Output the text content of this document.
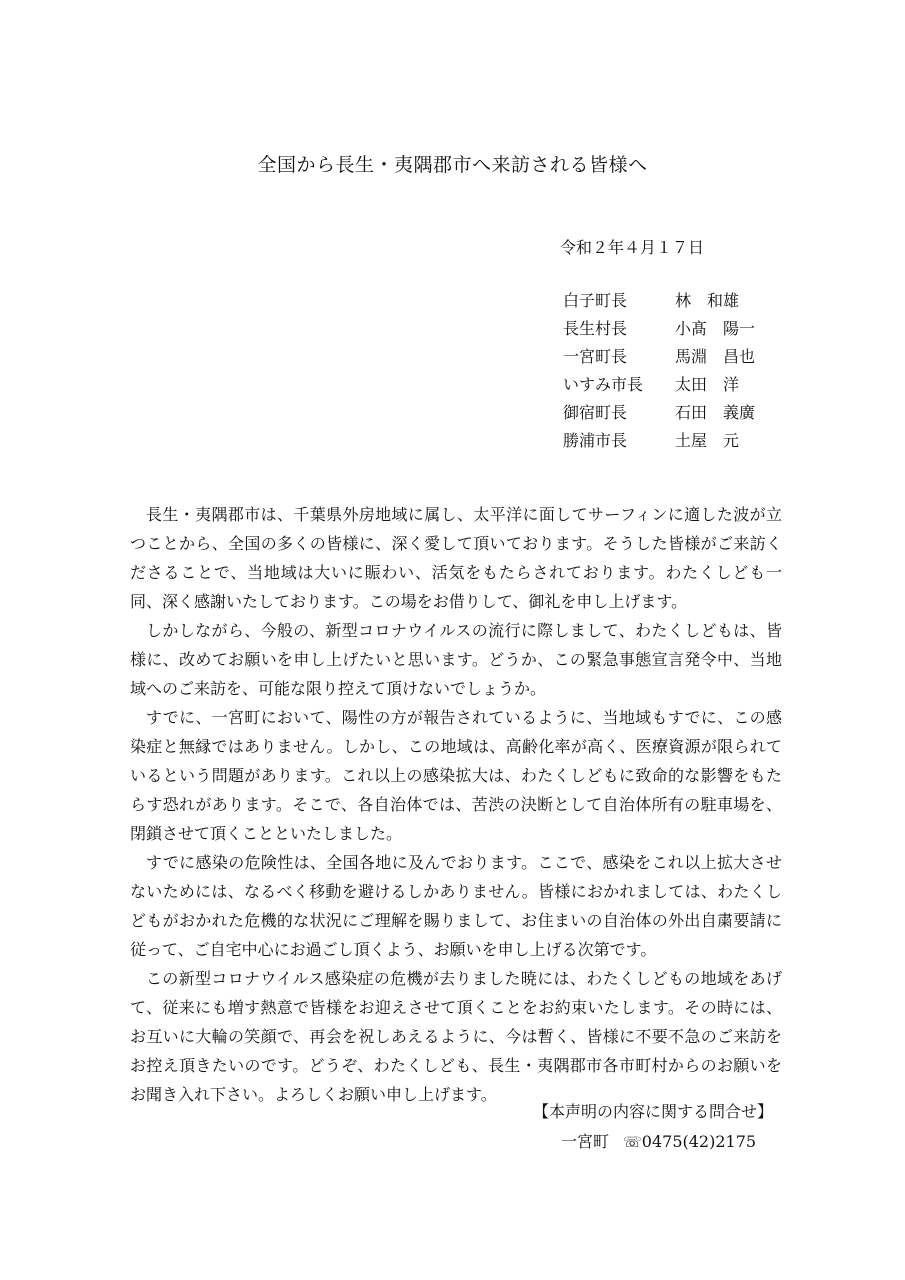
全国から長生・夷隅郡市へ来訪される皆様へ
令和２年４月１７日
白子町長	林　和雄
長生村長	小髙　陽一
一宮町長	馬淵　昌也
いすみ市長	太田　洋
御宿町長	石田　義廣
勝浦市長	土屋　元

長生・夷隅郡市は、千葉県外房地域に属し、太平洋に面してサーフィンに適した波が立つことから、全国の多くの皆様に、深く愛して頂いております。そうした皆様がご来訪くださることで、当地域は大いに賑わい、活気をもたらされております。わたくしども一同、深く感謝いたしております。この場をお借りして、御礼を申し上げます。

しかしながら、今般の、新型コロナウイルスの流行に際しまして、わたくしどもは、皆様に、改めてお願いを申し上げたいと思います。どうか、この緊急事態宣言発令中、当地域へのご来訪を、可能な限り控えて頂けないでしょうか。

すでに、一宮町において、陽性の方が報告されているように、当地域もすでに、この感染症と無縁ではありません。しかし、この地域は、高齢化率が高く、医療資源が限られているという問題があります。これ以上の感染拡大は、わたくしどもに致命的な影響をもたらす恐れがあります。そこで、各自治体では、苦渋の決断として自治体所有の駐車場を、閉鎖させて頂くことといたしました。

すでに感染の危険性は、全国各地に及んでおります。ここで、感染をこれ以上拡大させないためには、なるべく移動を避けるしかありません。皆様におかれましては、わたくしどもがおかれた危機的な状況にご理解を賜りまして、お住まいの自治体の外出自粛要請に従って、ご自宅中心にお過ごし頂くよう、お願いを申し上げる次第です。

この新型コロナウイルス感染症の危機が去りました暁には、わたくしどもの地域をあげて、従来にも増す熱意で皆様をお迎えさせて頂くことをお約束いたします。その時には、お互いに大輪の笑顔で、再会を祝しあえるように、今は暫く、皆様に不要不急のご来訪をお控え頂きたいのです。どうぞ、わたくしども、長生・夷隅郡市各市町村からのお願いをお聞き入れ下さい。よろしくお願い申し上げます。

【本声明の内容に関する問合せ】
一宮町 ☏0475(42)2175
